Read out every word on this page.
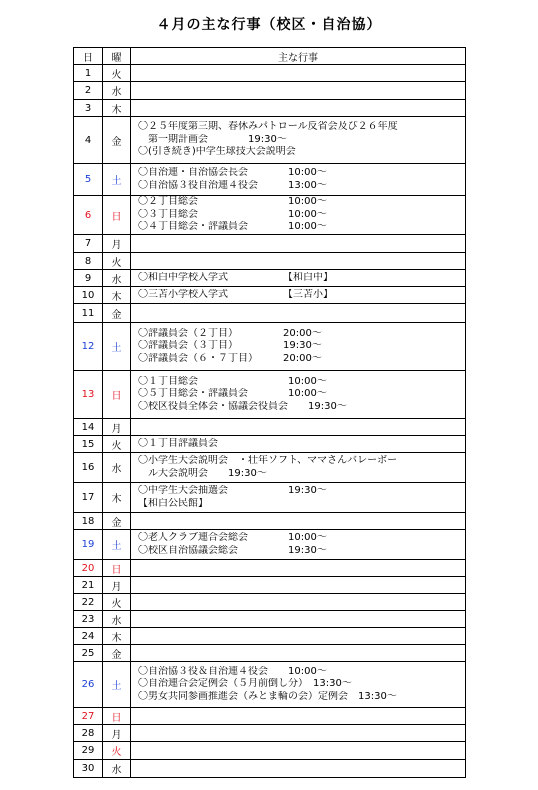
４月の主な行事（校区・自治協）
日	曜	主な行事
1	火	
2	水	
3	木	
4	金	〇２５年度第三期、春休みパトロール反省会及び２６年度
　第一期計画会　　　　19:30～
〇(引き続き)中学生球技大会説明会

5	土	〇自治連・自治協会長会　　　　10:00～
〇自治協３役自治連４役会　　　13:00～

6	日	〇２丁目総会　　　　　　　　　10:00～
〇３丁目総会　　　　　　　　　10:00～
〇４丁目総会・評議員会　　　　10:00～

7	月	
8	火	
9	水	〇和白中学校入学式　　　　　　【和白中】

10	木	〇三苫小学校入学式　　　　　　【三苫小】

11	金	
12	土	〇評議員会（２丁目）　　　　　20:00～
〇評議員会（３丁目）　　　　　19:30～
〇評議員会（６・７丁目）　　　20:00～

13	日	〇１丁目総会　　　　　　　　　10:00～
〇５丁目総会・評議員会　　　　10:00～
〇校区役員全体会・協議会役員会　　19:30～

14	月	
15	火	〇１丁目評議員会

16	水	〇小学生大会説明会　・壮年ソフト、ママさんバレーボー
　ル大会説明会　　19:30～

17	木	〇中学生大会抽選会　　　　　　19:30～
【和白公民館】

18	金	
19	土	〇老人クラブ連合会総会　　　　10:00～
〇校区自治協議会総会　　　　　19:30～

20	日	
21	月	
22	火	
23	水	
24	木	
25	金	
26	土	〇自治協３役＆自治連４役会　　10:00～
〇自治連合会定例会（５月前倒し分）　13:30～
〇男女共同参画推進会（みとま輪の会）定例会　13:30～

27	日	
28	月	
29	火	
30	水	
